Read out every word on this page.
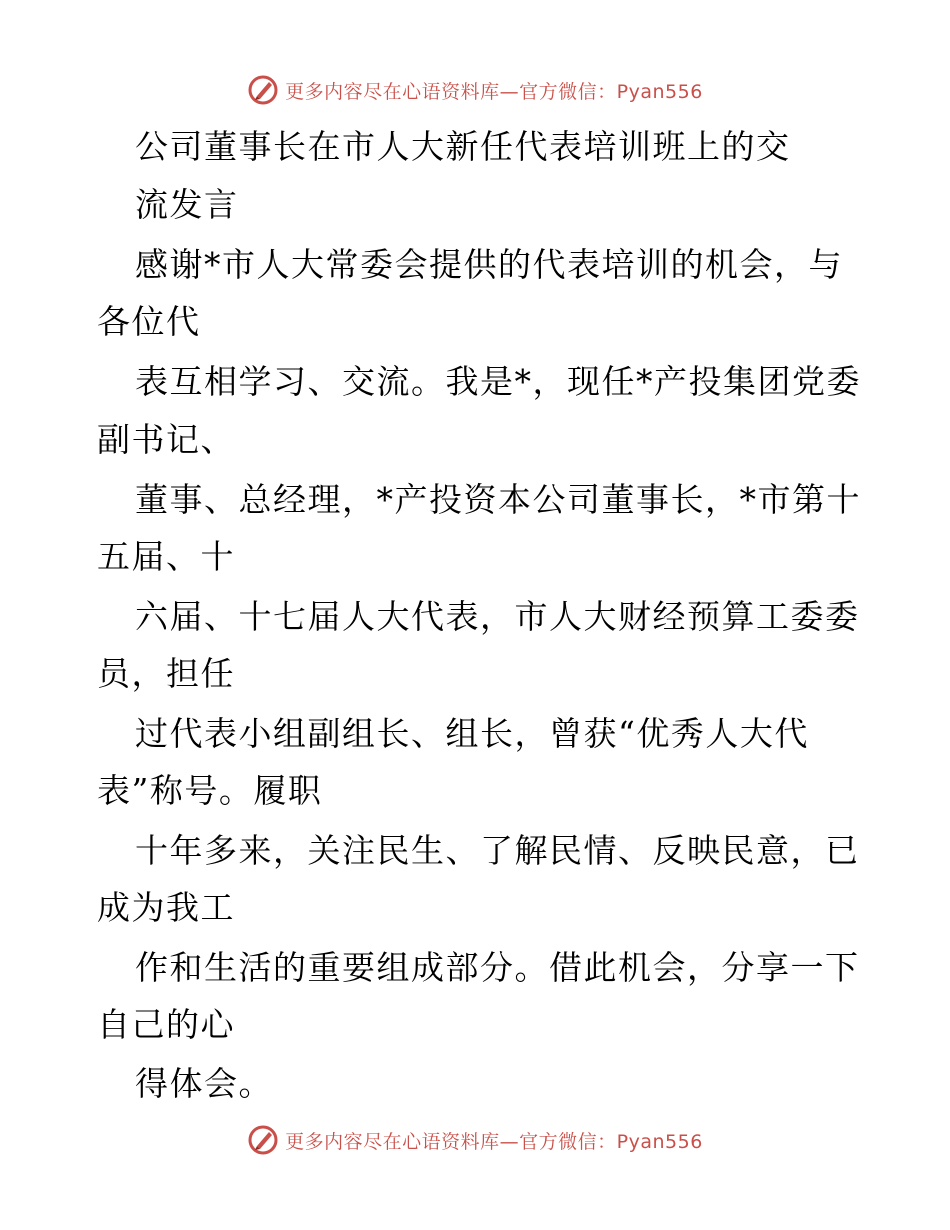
更多内容尽在心语资料库—官方微信：Pyan556
公司董事长在市人大新任代表培训班上的交
流发言
感谢*市人大常委会提供的代表培训的机会，与
各位代
表互相学习、交流。我是*，现任*产投集团党委
副书记、
董事、总经理，*产投资本公司董事长，*市第十
五届、十
六届、十七届人大代表，市人大财经预算工委委
员，担任
过代表小组副组长、组长，曾获“优秀人大代
表”称号。履职
十年多来，关注民生、了解民情、反映民意，已
成为我工
作和生活的重要组成部分。借此机会，分享一下
自己的心
得体会。
更多内容尽在心语资料库—官方微信：Pyan556
